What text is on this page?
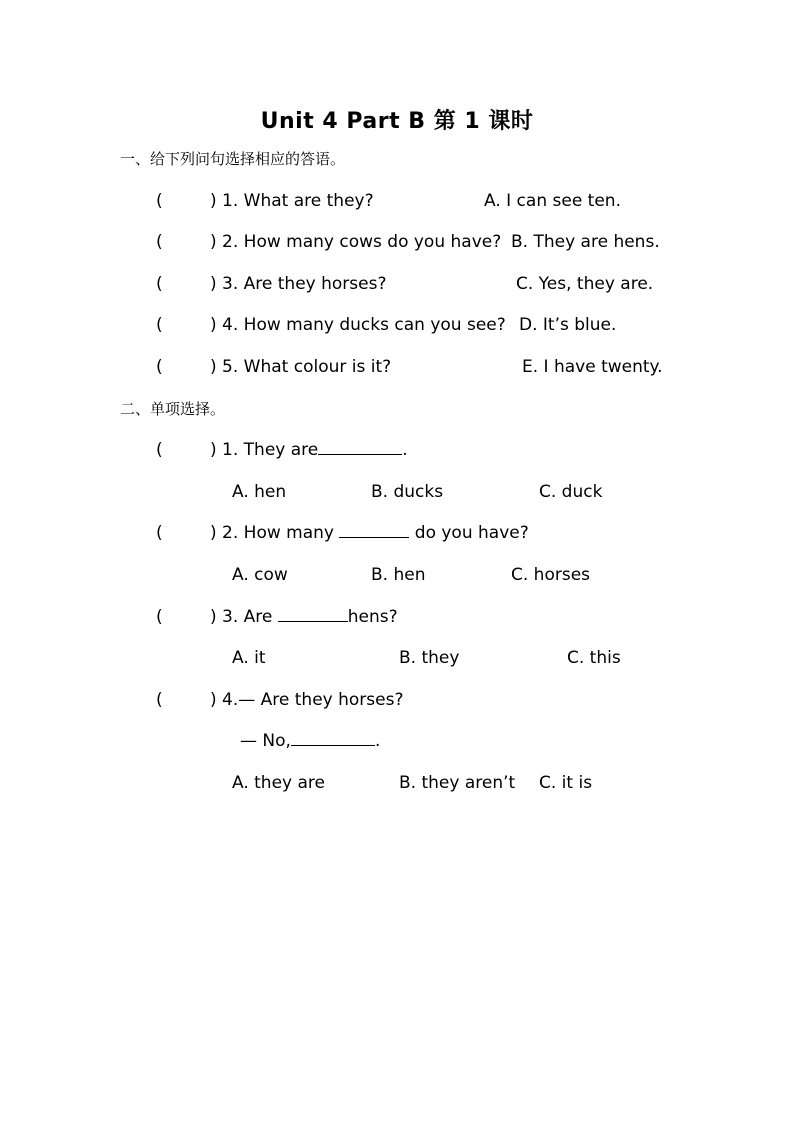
Unit 4 Part B 第 1 课时
一、给下列问句选择相应的答语。
(	) 1. What are they?	A. I can see ten.
(	) 2. How many cows do you have? B. They are hens.
(	) 3. Are they horses?	C. Yes, they are.
(	) 4. How many ducks can you see? D. It’s blue.
(	) 5. What colour is it?	E. I have twenty.
二、单项选择。
(	) 1. They are	.
A. hen	B. ducks	C. duck
(	) 2. How many	do you have?
A. cow	B. hen	C. horses
(	) 3. Are	hens?
A. it	B. they	C. this
(	) 4.— Are they horses?
— No,	.
A. they are	B. they aren’t C. it is
